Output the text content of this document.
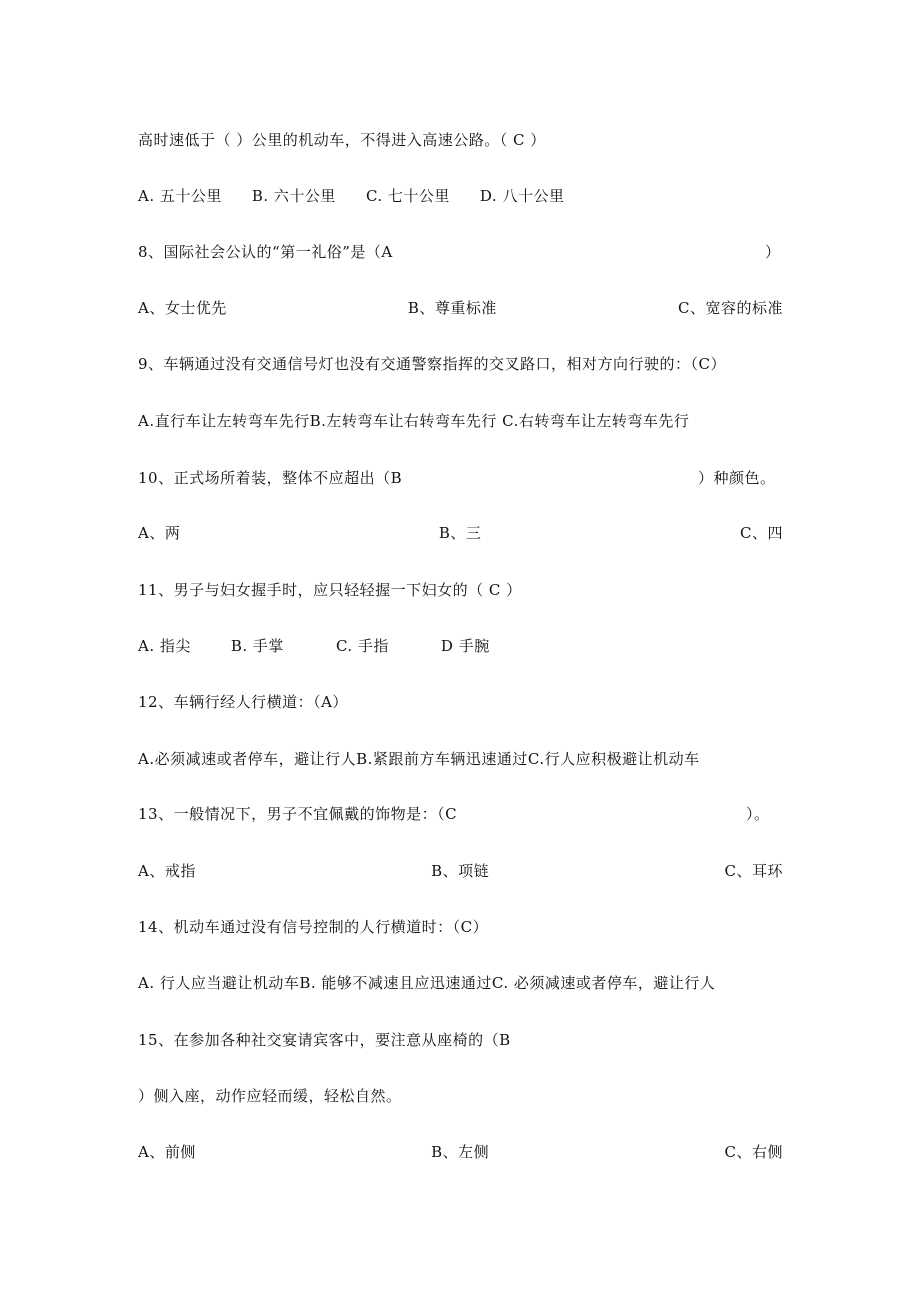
高时速低于（ ）公里的机动车，不得进入高速公路。（ C ）
A. 五十公里 B. 六十公里 C. 七十公里 D. 八十公里
8、国际社会公认的“第一礼俗”是（A	）
A、女士优先	B、尊重标准	C、宽容的标准
9、车辆通过没有交通信号灯也没有交通警察指挥的交叉路口，相对方向行驶的：（C）
A.直行车让左转弯车先行B.左转弯车让右转弯车先行 C.右转弯车让左转弯车先行
10、正式场所着装，整体不应超出（B	）种颜色。
A、两	B、三	C、四
11、男子与妇女握手时，应只轻轻握一下妇女的（ C ）
A. 指尖	B. 手掌	C. 手指	D 手腕
12、车辆行经人行横道：（A）
A.必须减速或者停车，避让行人B.紧跟前方车辆迅速通过C.行人应积极避让机动车
13、一般情况下，男子不宜佩戴的饰物是：（C	）。
A、戒指	B、项链	C、耳环
14、机动车通过没有信号控制的人行横道时：（C）
A. 行人应当避让机动车B. 能够不减速且应迅速通过C. 必须减速或者停车，避让行人
15、在参加各种社交宴请宾客中，要注意从座椅的（B
）侧入座，动作应轻而缓，轻松自然。
A、前侧	B、左侧	C、右侧
